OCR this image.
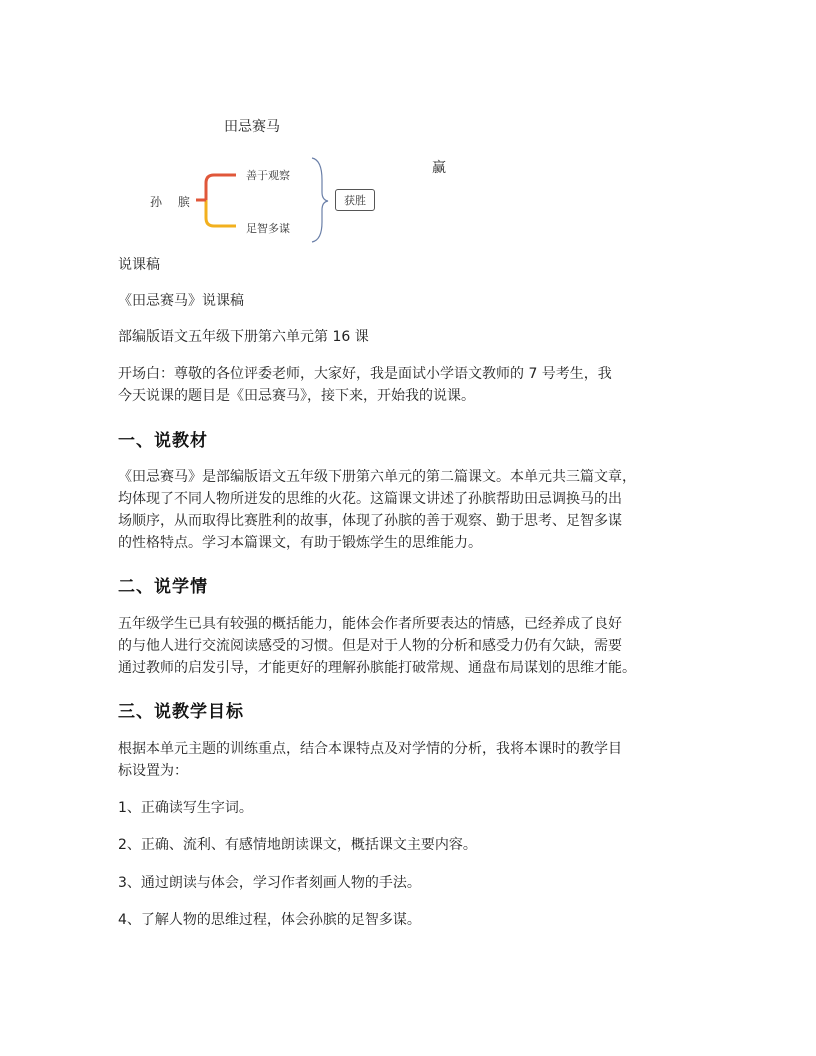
田忌赛马
赢
孙 膑
善于观察
足智多谋
获胜

说课稿

《田忌赛马》说课稿

部编版语文五年级下册第六单元第 16 课

开场白：尊敬的各位评委老师，大家好，我是面试小学语文教师的 7 号考生，我

今天说课的题目是《田忌赛马》，接下来，开始我的说课。

一、说教材

《田忌赛马》是部编版语文五年级下册第六单元的第二篇课文。本单元共三篇文章，

均体现了不同人物所迸发的思维的火花。这篇课文讲述了孙膑帮助田忌调换马的出

场顺序，从而取得比赛胜利的故事，体现了孙膑的善于观察、勤于思考、足智多谋

的性格特点。学习本篇课文，有助于锻炼学生的思维能力。

二、说学情

五年级学生已具有较强的概括能力，能体会作者所要表达的情感，已经养成了良好

的与他人进行交流阅读感受的习惯。但是对于人物的分析和感受力仍有欠缺，需要

通过教师的启发引导，才能更好的理解孙膑能打破常规、通盘布局谋划的思维才能。

三、说教学目标

根据本单元主题的训练重点，结合本课特点及对学情的分析，我将本课时的教学目

标设置为：

1、正确读写生字词。

2、正确、流利、有感情地朗读课文，概括课文主要内容。

3、通过朗读与体会，学习作者刻画人物的手法。

4、了解人物的思维过程，体会孙膑的足智多谋。
